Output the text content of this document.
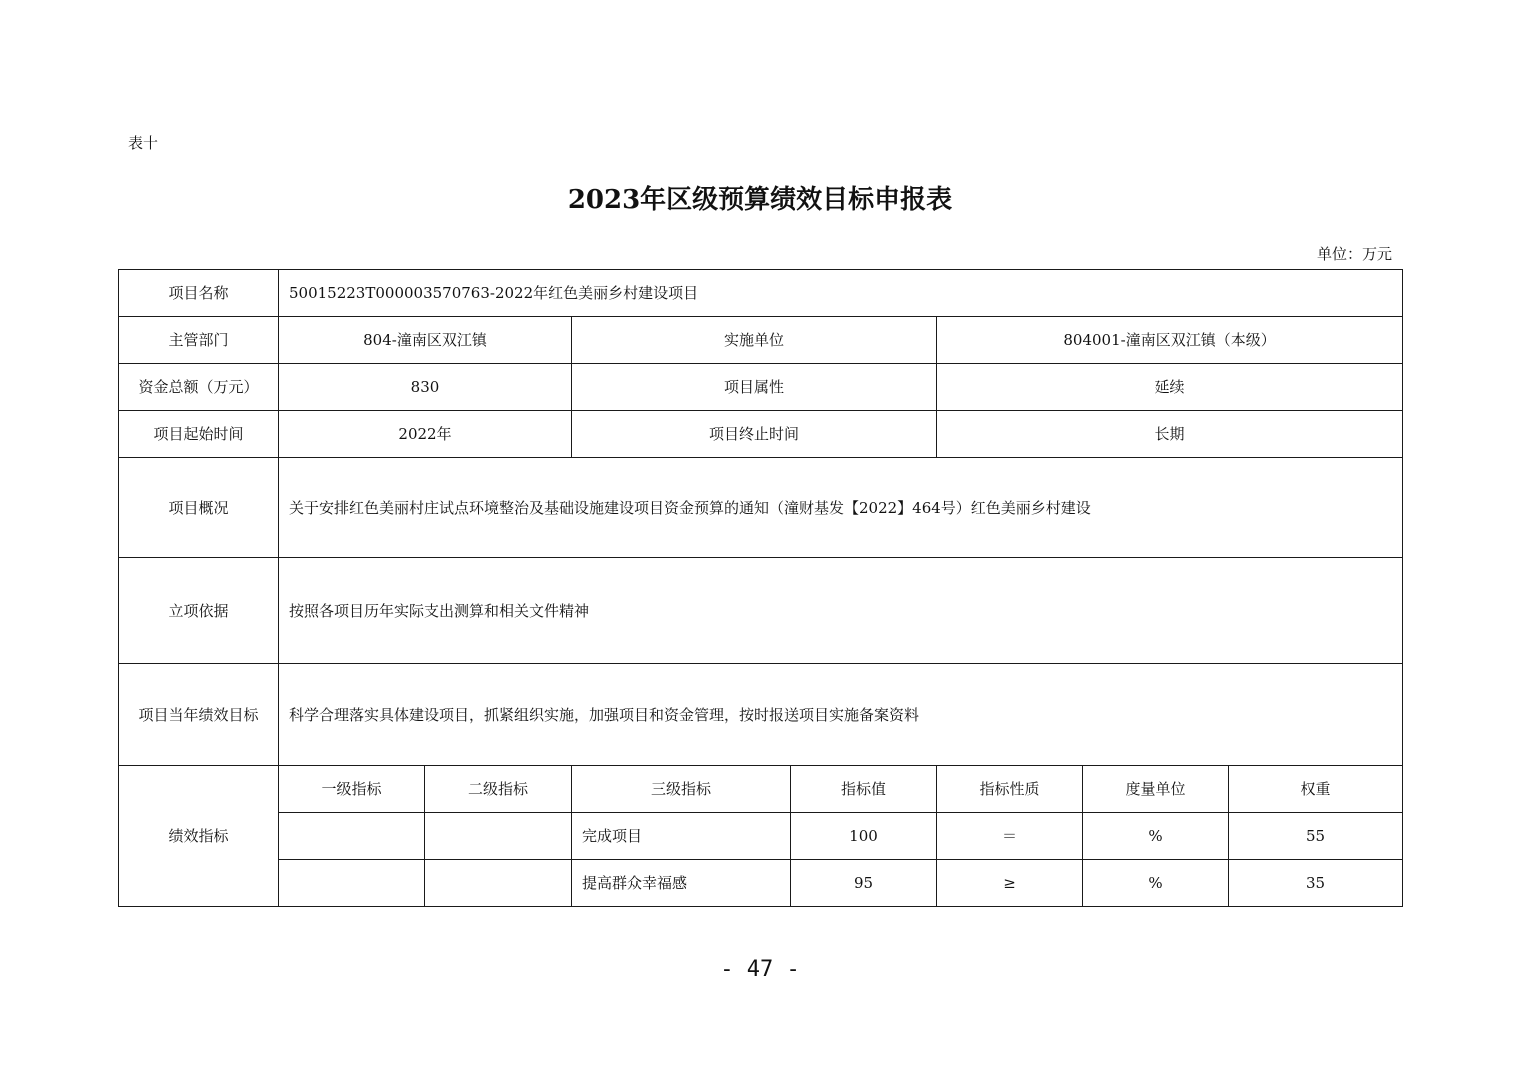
表十
2023年区级预算绩效目标申报表
单位：万元
项目名称	50015223T000003570763-2022年红色美丽乡村建设项目						
主管部门	804-潼南区双江镇		实施单位		804001-潼南区双江镇（本级）		
资金总额（万元）	830		项目属性		延续		
项目起始时间	2022年		项目终止时间		长期		
项目概况	关于安排红色美丽村庄试点环境整治及基础设施建设项目资金预算的通知（潼财基发【2022】464号）红色美丽乡村建设						
立项依据	按照各项目历年实际支出测算和相关文件精神						
项目当年绩效目标	科学合理落实具体建设项目，抓紧组织实施，加强项目和资金管理，按时报送项目实施备案资料						
绩效指标	一级指标	二级指标	三级指标	指标值	指标性质	度量单位	权重
			完成项目	100	＝	%	55
			提高群众幸福感	95	≥	%	35
- 47 -
